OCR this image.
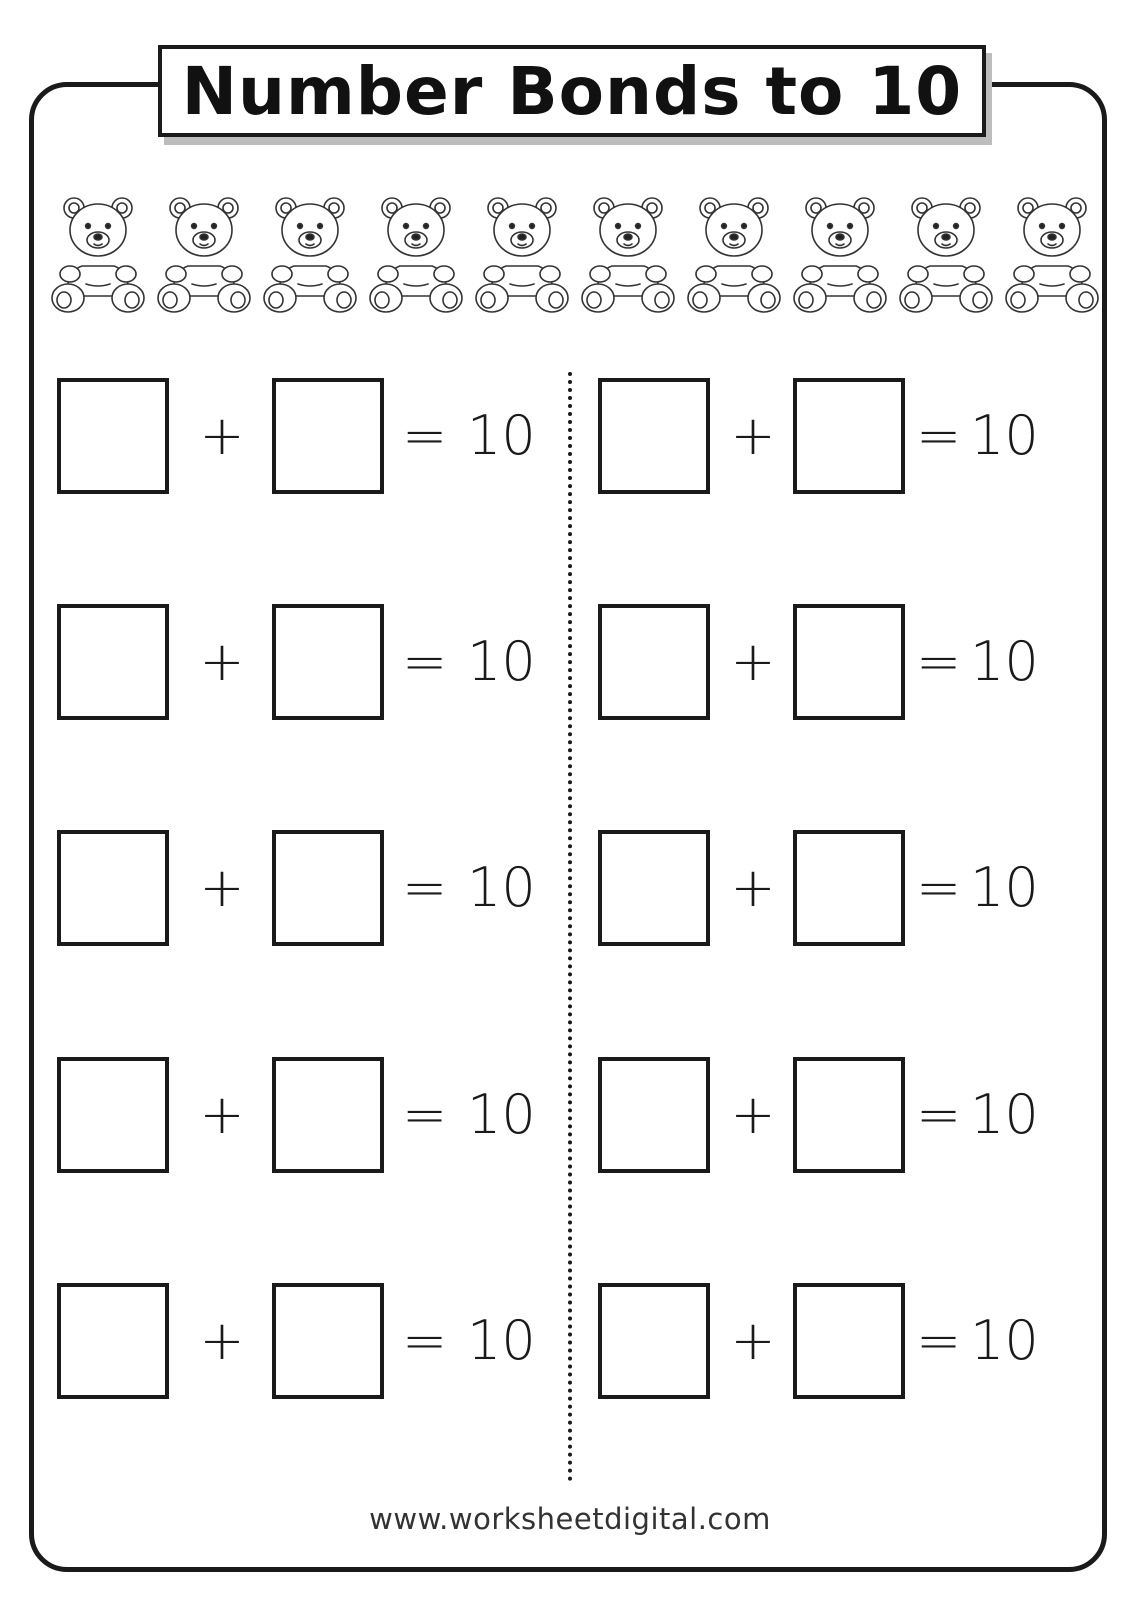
Number Bonds to 10
+	= 10
+	= 10
+	= 10
+	= 10
+	= 10
+	= 10
+	= 10
+	= 10
+	= 10
+	= 10
www.worksheetdigital.com
